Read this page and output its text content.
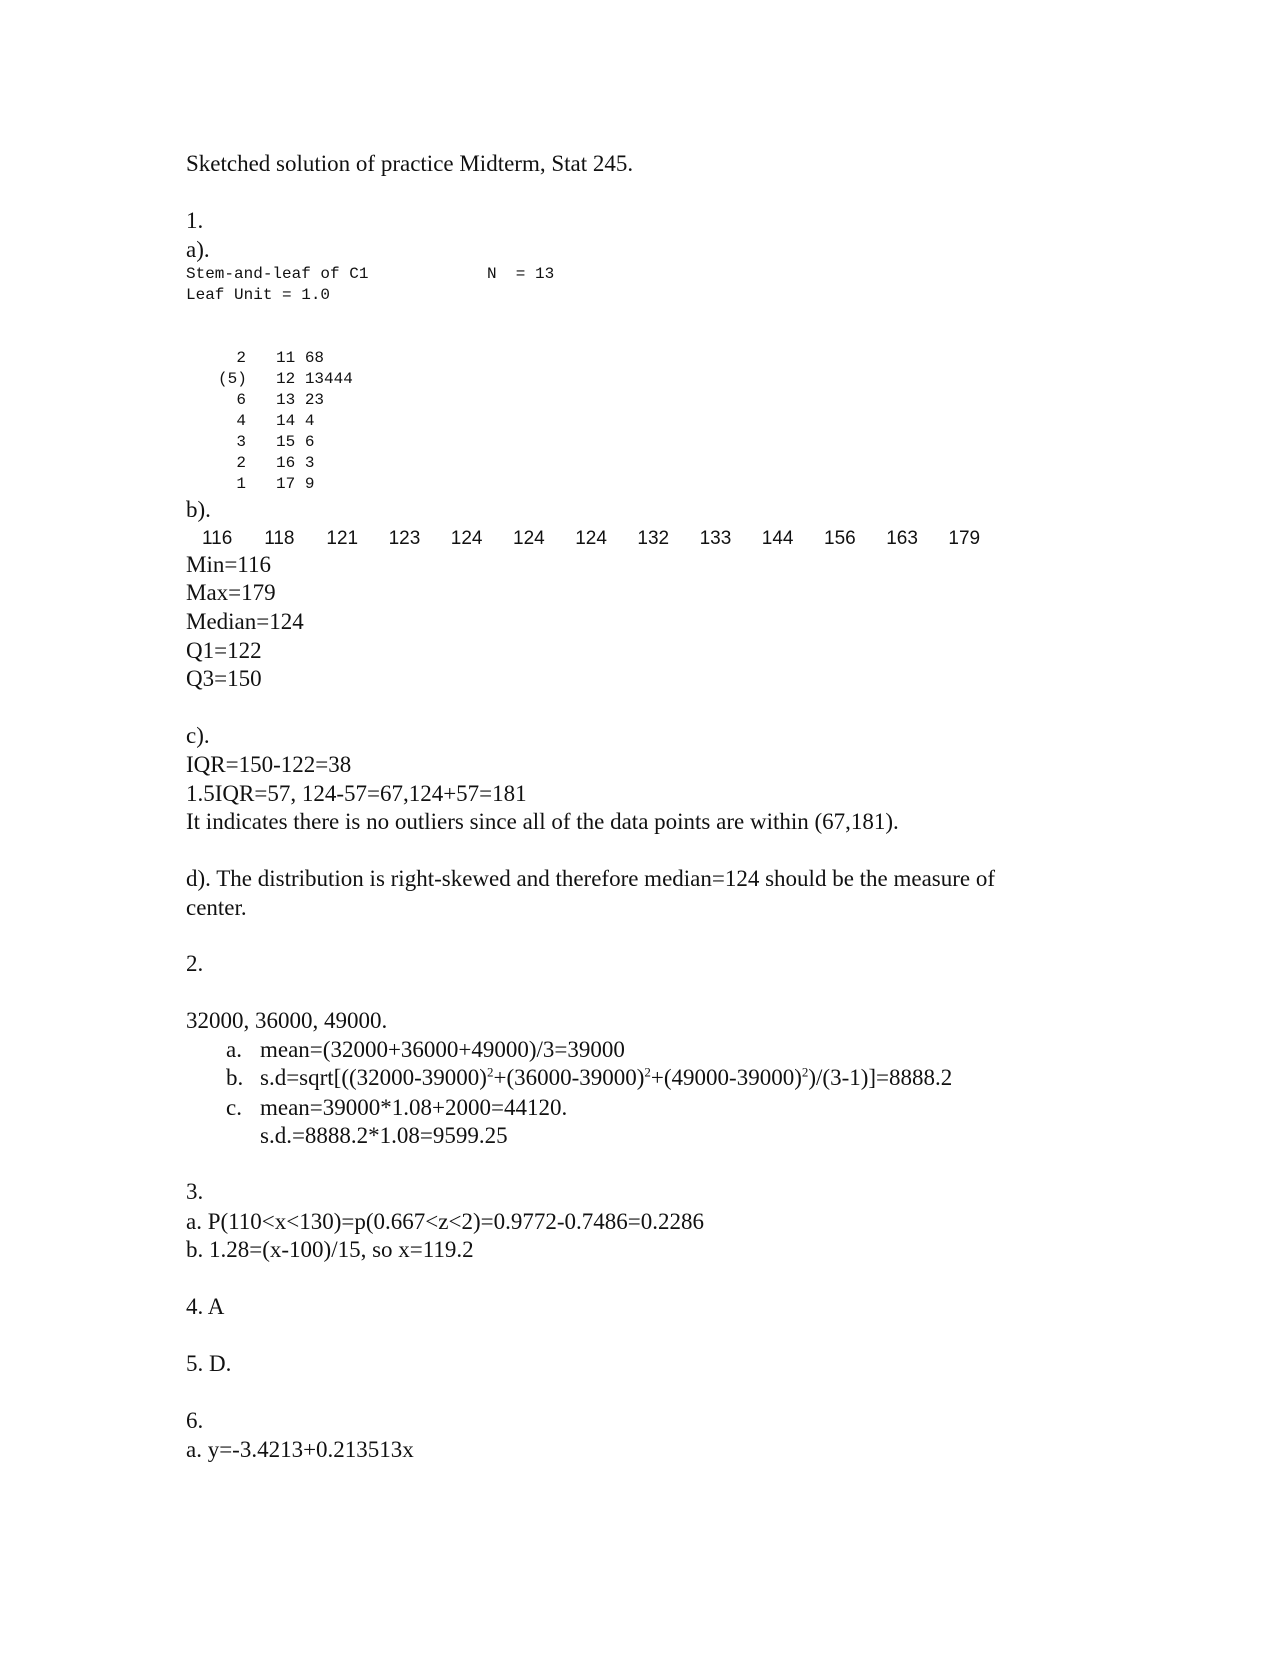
Sketched solution of practice Midterm, Stat 245.
1.
a).
Stem-and-leaf of C1	N  = 13
Leaf Unit = 1.0
2 11 68
(5) 12 13444
6 13 23
4 14 4
3 15 6
2 16 3
1 17 9
b).
116 118 121 123 124 124 124 132 133 144 156 163 179
Min=116
Max=179
Median=124
Q1=122
Q3=150
c).
IQR=150-122=38
1.5IQR=57, 124-57=67,124+57=181
It indicates there is no outliers since all of the data points are within (67,181).
d). The distribution is right-skewed and therefore median=124 should be the measure of
center.
2.
32000, 36000, 49000.
a. mean=(32000+36000+49000)/3=39000
b. $s.d=sqrt[((32000-39000)^2+(36000-39000)^2+(49000-39000)^2)/(3-1)]=8888.2$
c. mean=39000*1.08+2000=44120.
s.d.=8888.2*1.08=9599.25
3.
a. P(110<x<130)=p(0.667<z<2)=0.9772-0.7486=0.2286
b. 1.28=(x-100)/15, so x=119.2
4. A
5. D.
6.
a. y=-3.4213+0.213513x
